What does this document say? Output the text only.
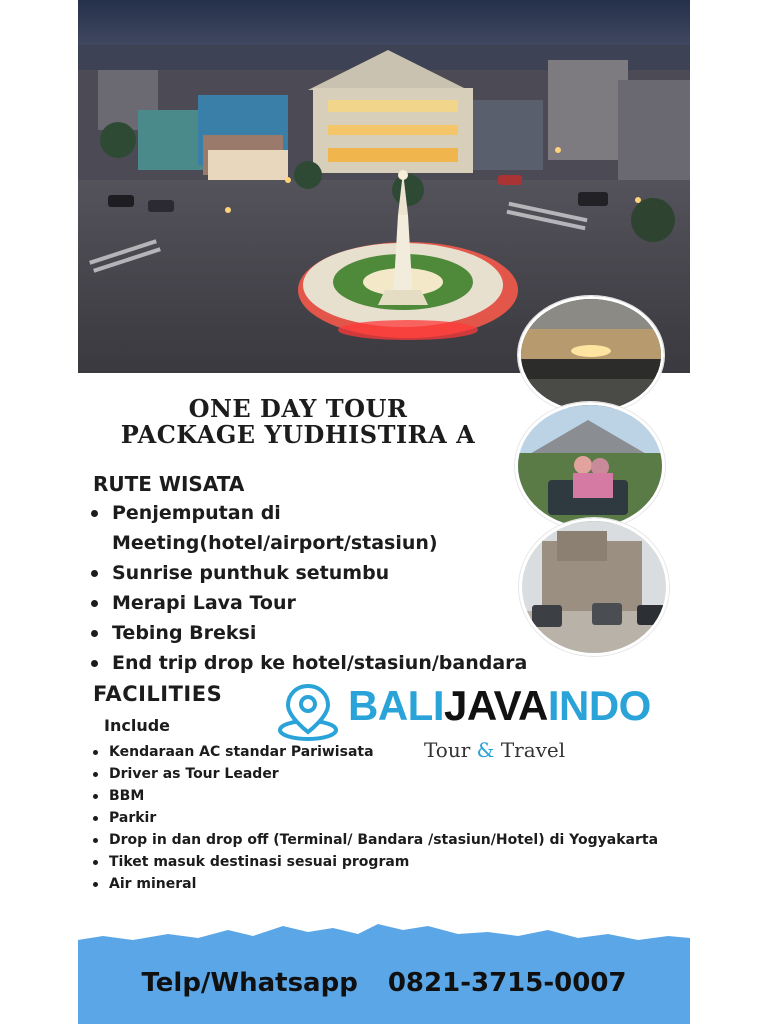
ONE DAY TOUR
PACKAGE YUDHISTIRA A
RUTE WISATA
Penjemputan di
Meeting(hotel/airport/stasiun)
Sunrise punthuk setumbu
Merapi Lava Tour
Tebing Breksi
End trip drop ke hotel/stasiun/bandara
FACILITIES
Include
Kendaraan AC standar Pariwisata
Driver as Tour Leader
BBM
Parkir
Drop in dan drop off (Terminal/ Bandara /stasiun/Hotel) di Yogyakarta
Tiket masuk destinasi sesuai program
Air mineral
BALIJAVAINDO
Tour & Travel
Telp/Whatsapp 0821-3715-0007
